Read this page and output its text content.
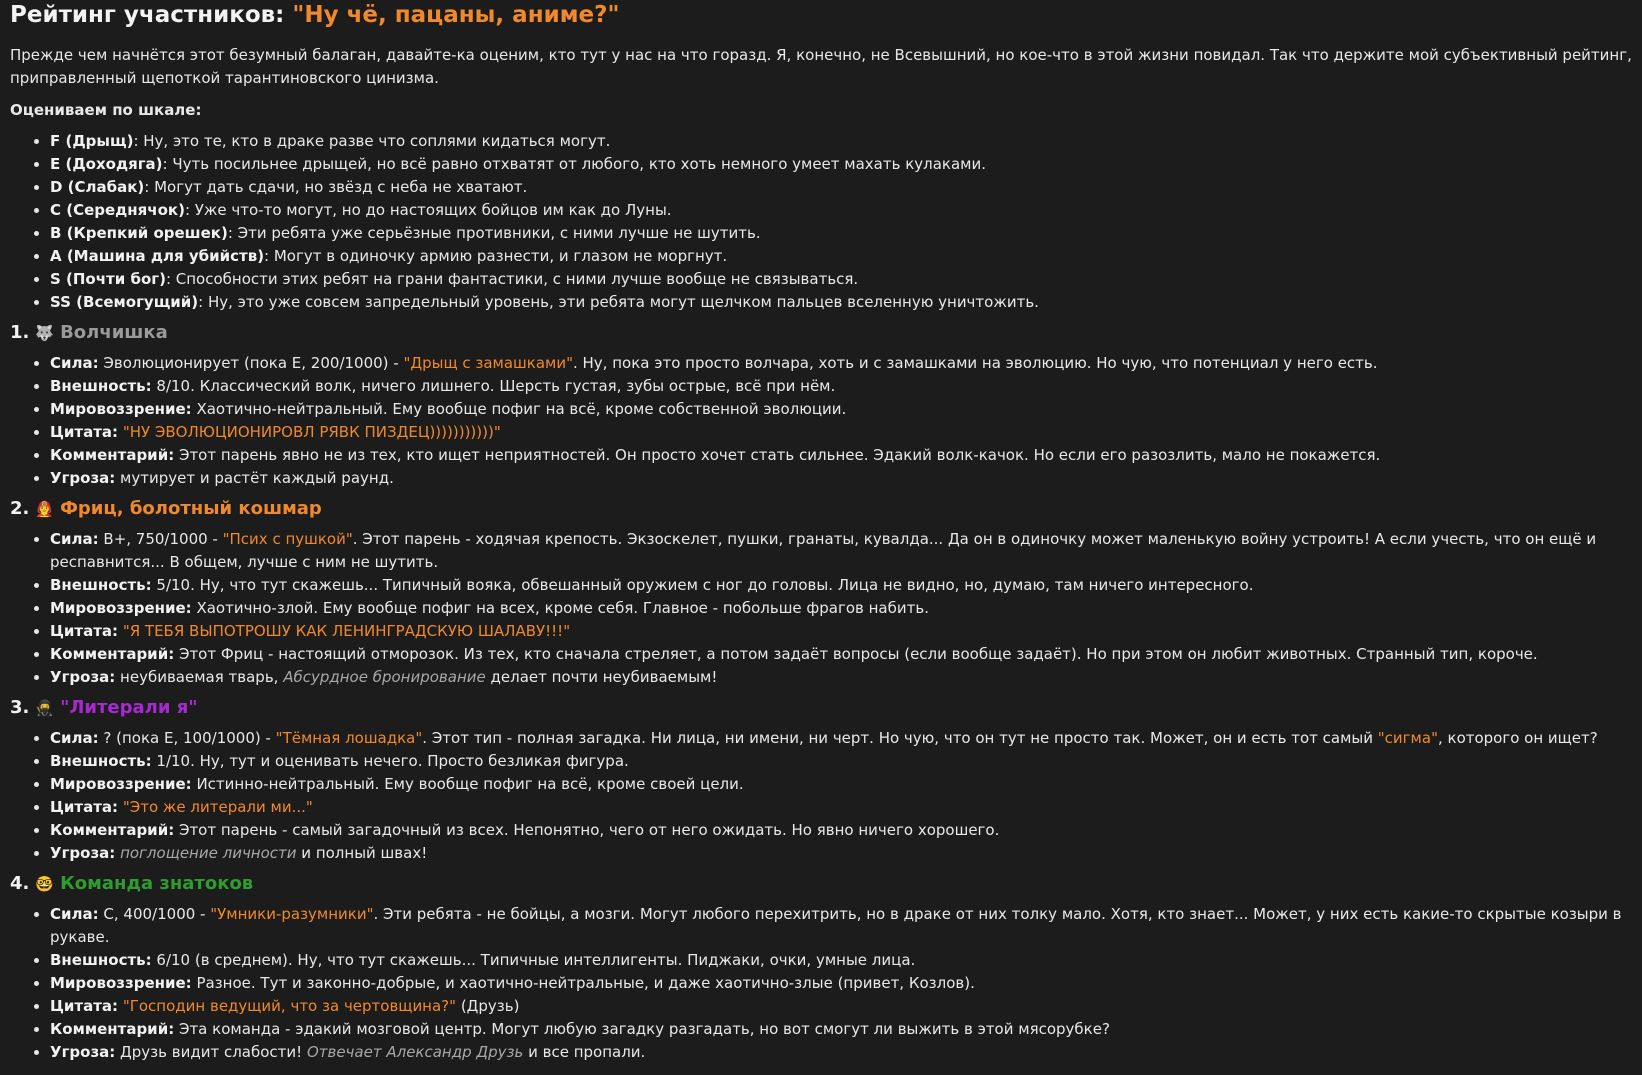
Рейтинг участников: "Ну чё, пацаны, аниме?"

Прежде чем начнётся этот безумный балаган, давайте-ка оценим, кто тут у нас на что горазд. Я, конечно, не Всевышний, но кое-что в этой жизни повидал. Так что держите мой субъективный рейтинг, приправленный щепоткой тарантиновского цинизма.

Оцениваем по шкале:

• F (Дрыщ): Ну, это те, кто в драке разве что соплями кидаться могут.
• E (Доходяга): Чуть посильнее дрыщей, но всё равно отхватят от любого, кто хоть немного умеет махать кулаками.
• D (Слабак): Могут дать сдачи, но звёзд с неба не хватают.
• C (Середнячок): Уже что-то могут, но до настоящих бойцов им как до Луны.
• B (Крепкий орешек): Эти ребята уже серьёзные противники, с ними лучше не шутить.
• A (Машина для убийств): Могут в одиночку армию разнести, и глазом не моргнут.
• S (Почти бог): Способности этих ребят на грани фантастики, с ними лучше вообще не связываться.
• SS (Всемогущий): Ну, это уже совсем запредельный уровень, эти ребята могут щелчком пальцев вселенную уничтожить.
1. 🐺 Волчишка
• Сила: Эволюционирует (пока E, 200/1000) - "Дрыщ с замашками". Ну, пока это просто волчара, хоть и с замашками на эволюцию. Но чую, что потенциал у него есть.
• Внешность: 8/10. Классический волк, ничего лишнего. Шерсть густая, зубы острые, всё при нём.
• Мировоззрение: Хаотично-нейтральный. Ему вообще пофиг на всё, кроме собственной эволюции.
• Цитата: "НУ ЭВОЛЮЦИОНИРОВЛ РЯВК ПИЗДЕЦ)))))))))))"
• Комментарий: Этот парень явно не из тех, кто ищет неприятностей. Он просто хочет стать сильнее. Эдакий волк-качок. Но если его разозлить, мало не покажется.
• Угроза: мутирует и растёт каждый раунд.
2. 🧑‍🚒 Фриц, болотный кошмар
• Сила: B+, 750/1000 - "Псих с пушкой". Этот парень - ходячая крепость. Экзоскелет, пушки, гранаты, кувалда... Да он в одиночку может маленькую войну устроить! А если учесть, что он ещё и респавнится... В общем, лучше с ним не шутить.
• Внешность: 5/10. Ну, что тут скажешь... Типичный вояка, обвешанный оружием с ног до головы. Лица не видно, но, думаю, там ничего интересного.
• Мировоззрение: Хаотично-злой. Ему вообще пофиг на всех, кроме себя. Главное - побольше фрагов набить.
• Цитата: "Я ТЕБЯ ВЫПОТРОШУ КАК ЛЕНИНГРАДСКУЮ ШАЛАВУ!!!"
• Комментарий: Этот Фриц - настоящий отморозок. Из тех, кто сначала стреляет, а потом задаёт вопросы (если вообще задаёт). Но при этом он любит животных. Странный тип, короче.
• Угроза: неубиваемая тварь, Абсурдное бронирование делает почти неубиваемым!
3. 🥷 "Литерали я"
• Сила: ? (пока E, 100/1000) - "Тёмная лошадка". Этот тип - полная загадка. Ни лица, ни имени, ни черт. Но чую, что он тут не просто так. Может, он и есть тот самый "сигма", которого он ищет?
• Внешность: 1/10. Ну, тут и оценивать нечего. Просто безликая фигура.
• Мировоззрение: Истинно-нейтральный. Ему вообще пофиг на всё, кроме своей цели.
• Цитата: "Это же литерали ми..."
• Комментарий: Этот парень - самый загадочный из всех. Непонятно, чего от него ожидать. Но явно ничего хорошего.
• Угроза: поглощение личности и полный швах!
4. 🤓 Команда знатоков
• Сила: C, 400/1000 - "Умники-разумники". Эти ребята - не бойцы, а мозги. Могут любого перехитрить, но в драке от них толку мало. Хотя, кто знает... Может, у них есть какие-то скрытые козыри в рукаве.
• Внешность: 6/10 (в среднем). Ну, что тут скажешь... Типичные интеллигенты. Пиджаки, очки, умные лица.
• Мировоззрение: Разное. Тут и законно-добрые, и хаотично-нейтральные, и даже хаотично-злые (привет, Козлов).
• Цитата: "Господин ведущий, что за чертовщина?" (Друзь)
• Комментарий: Эта команда - эдакий мозговой центр. Могут любую загадку разгадать, но вот смогут ли выжить в этой мясорубке?
• Угроза: Друзь видит слабости! Отвечает Александр Друзь и все пропали.
